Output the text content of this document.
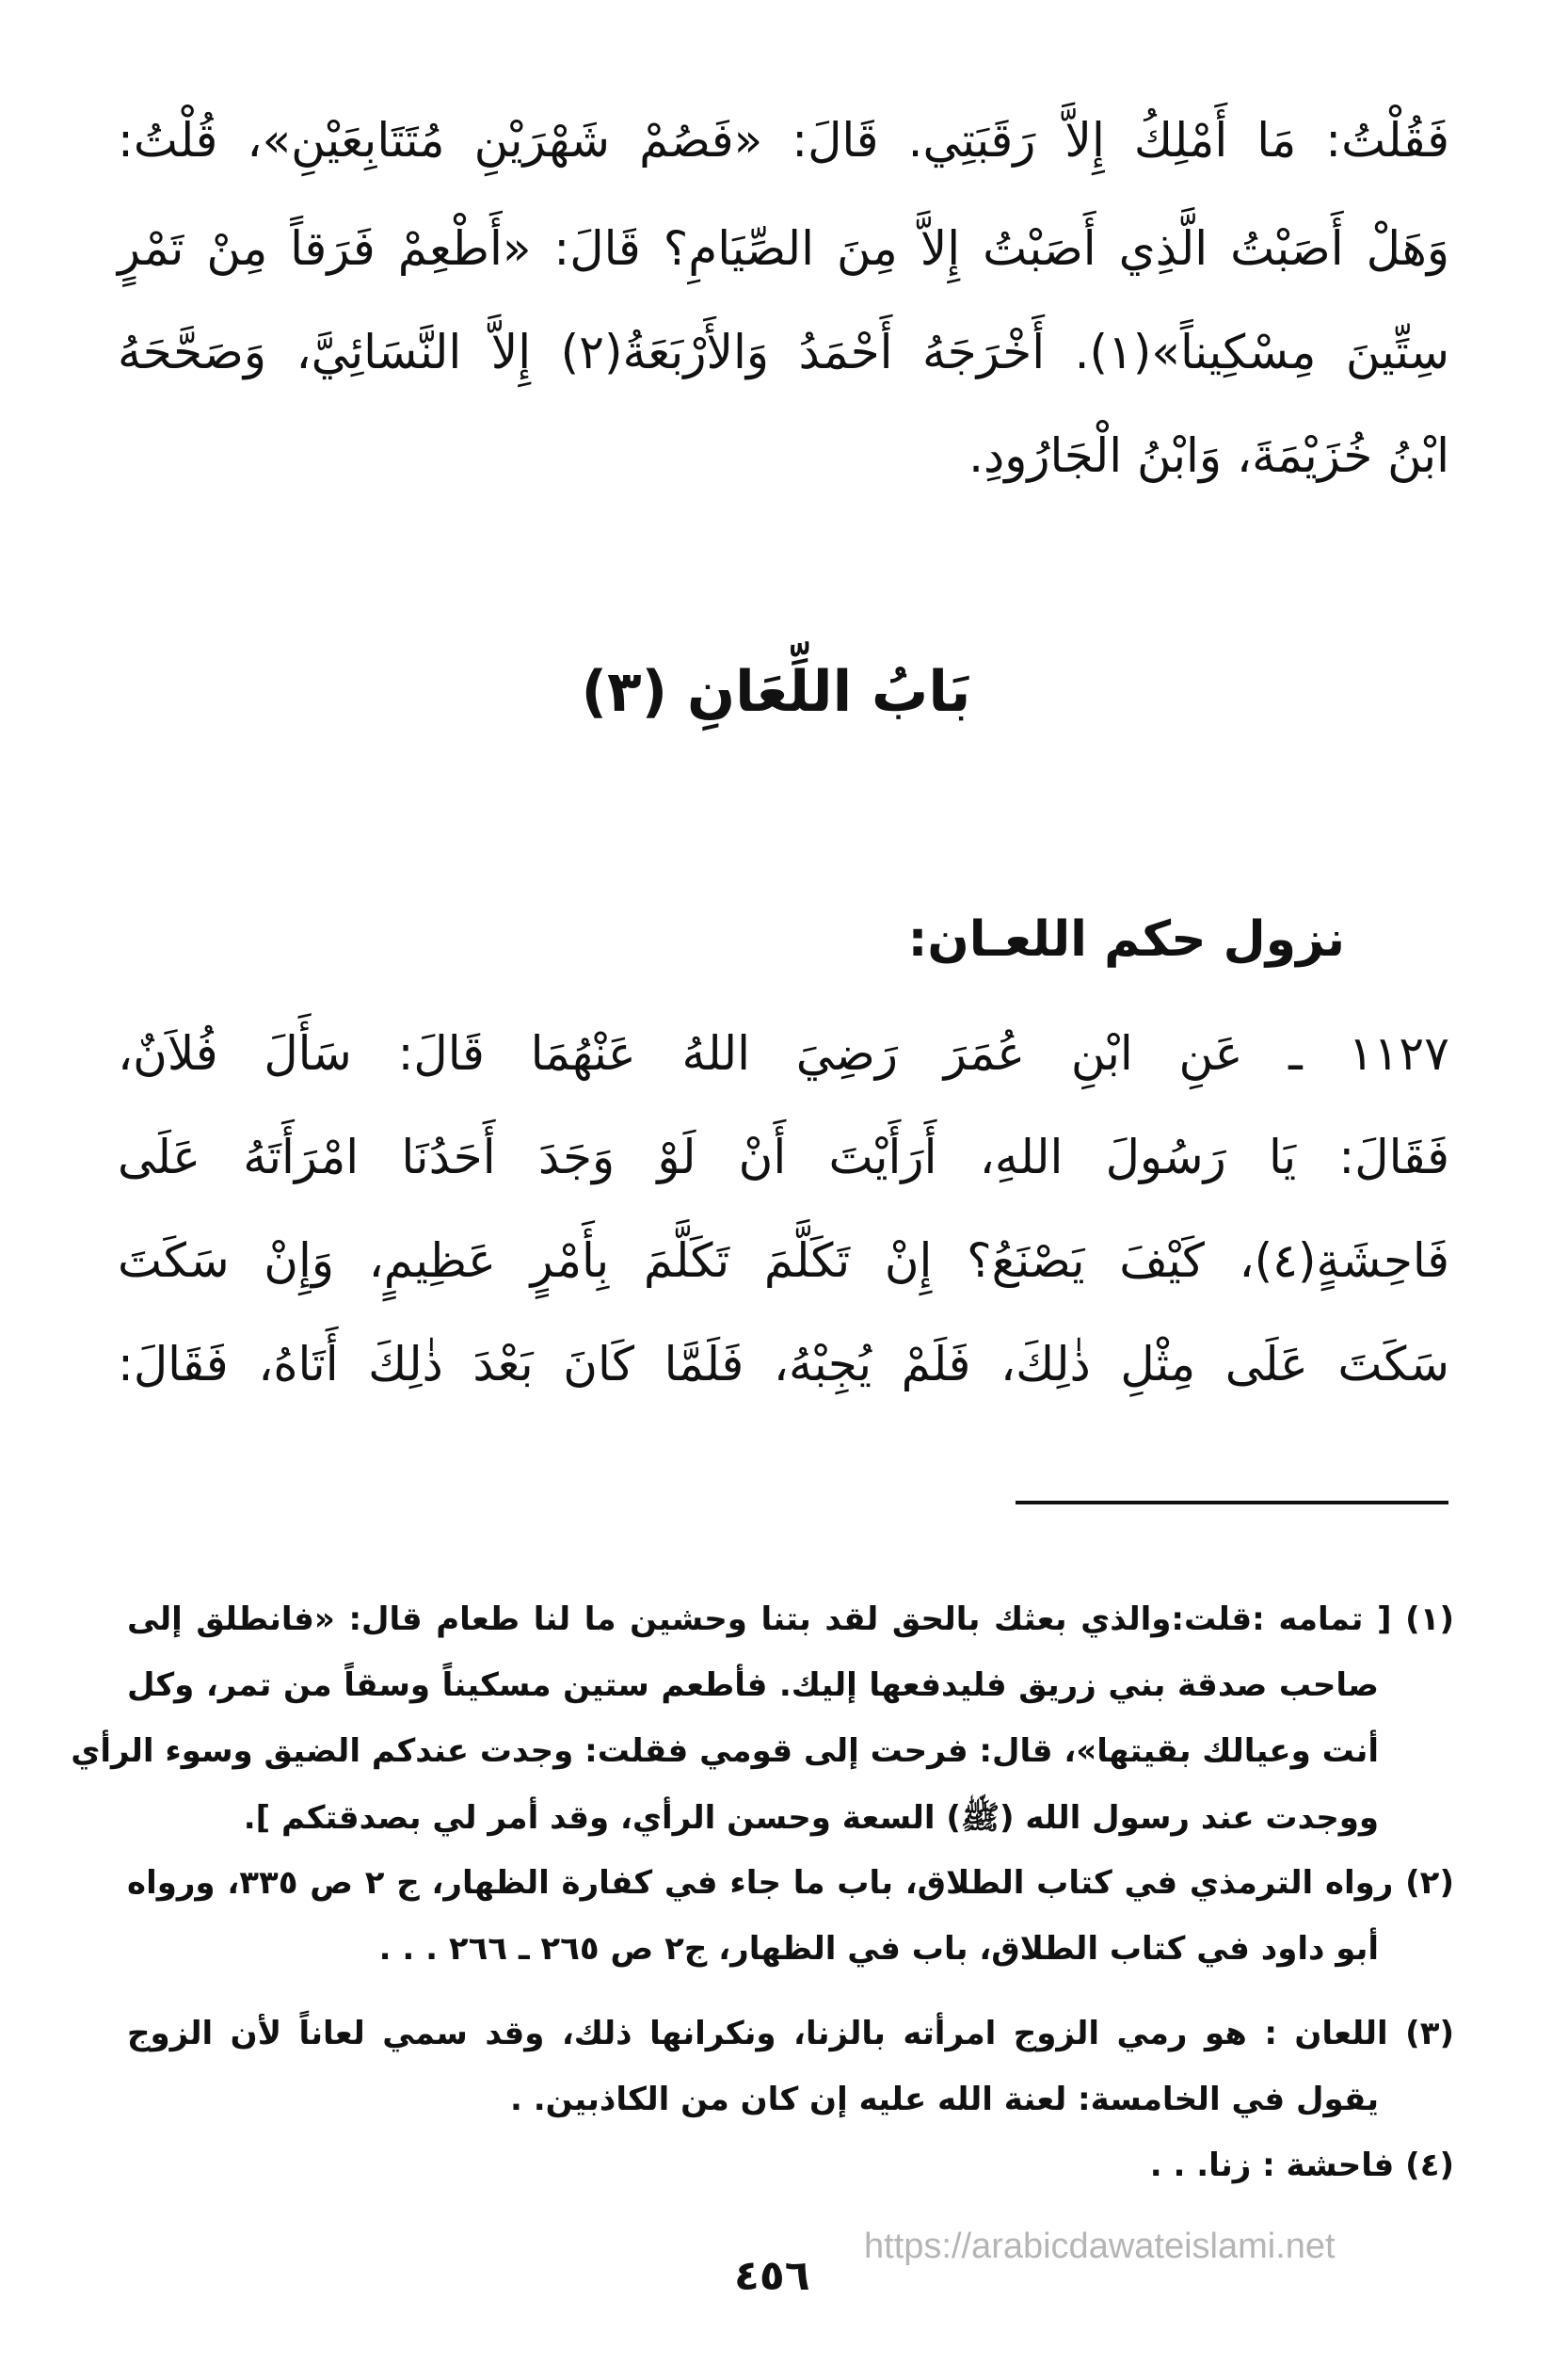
فَقُلْتُ: مَا أَمْلِكُ إِلاَّ رَقَبَتِي. قَالَ: «فَصُمْ شَهْرَيْنِ مُتَتَابِعَيْنِ»، قُلْتُ:
وَهَلْ أَصَبْتُ الَّذِي أَصَبْتُ إِلاَّ مِنَ الصِّيَامِ؟ قَالَ: «أَطْعِمْ فَرَقاً مِنْ تَمْرٍ
سِتِّينَ مِسْكِيناً»(١). أَخْرَجَهُ أَحْمَدُ وَالأَرْبَعَةُ(٢) إِلاَّ النَّسَائِيَّ، وَصَحَّحَهُ
ابْنُ خُزَيْمَةَ، وَابْنُ الْجَارُودِ.
بَابُ اللِّعَانِ (٣)
نزول حكم اللعـان:
١١٢٧ ـ عَنِ ابْنِ عُمَرَ رَضِيَ اللهُ عَنْهُمَا قَالَ: سَأَلَ فُلاَنٌ،
فَقَالَ: يَا رَسُولَ اللهِ، أَرَأَيْتَ أَنْ لَوْ وَجَدَ أَحَدُنَا امْرَأَتَهُ عَلَى
فَاحِشَةٍ(٤)، كَيْفَ يَصْنَعُ؟ إِنْ تَكَلَّمَ تَكَلَّمَ بِأَمْرٍ عَظِيمٍ، وَإِنْ سَكَتَ
سَكَتَ عَلَى مِثْلِ ذٰلِكَ، فَلَمْ يُجِبْهُ، فَلَمَّا كَانَ بَعْدَ ذٰلِكَ أَتَاهُ، فَقَالَ:
(١) [ تمامه :قلت:والذي بعثك بالحق لقد بتنا وحشين ما لنا طعام قال: «فانطلق إلى
صاحب صدقة بني زريق فليدفعها إليك. فأطعم ستين مسكيناً وسقاً من تمر، وكل
أنت وعيالك بقيتها»، قال: فرحت إلى قومي فقلت: وجدت عندكم الضيق وسوء الرأي
ووجدت عند رسول الله (ﷺ) السعة وحسن الرأي، وقد أمر لي بصدقتكم ].
(٢) رواه الترمذي في كتاب الطلاق، باب ما جاء في كفارة الظهار، ج ٢ ص ٣٣٥، ورواه
أبو داود في كتاب الطلاق، باب في الظهار، ج٢ ص ٢٦٥ ـ ٢٦٦ . . .
(٣) اللعان : هو رمي الزوج امرأته بالزنا، ونكرانها ذلك، وقد سمي لعاناً لأن الزوج
يقول في الخامسة: لعنة الله عليه إن كان من الكاذبين. .
(٤) فاحشة : زنا. . .
٤٥٦
https://arabicdawateislami.net
